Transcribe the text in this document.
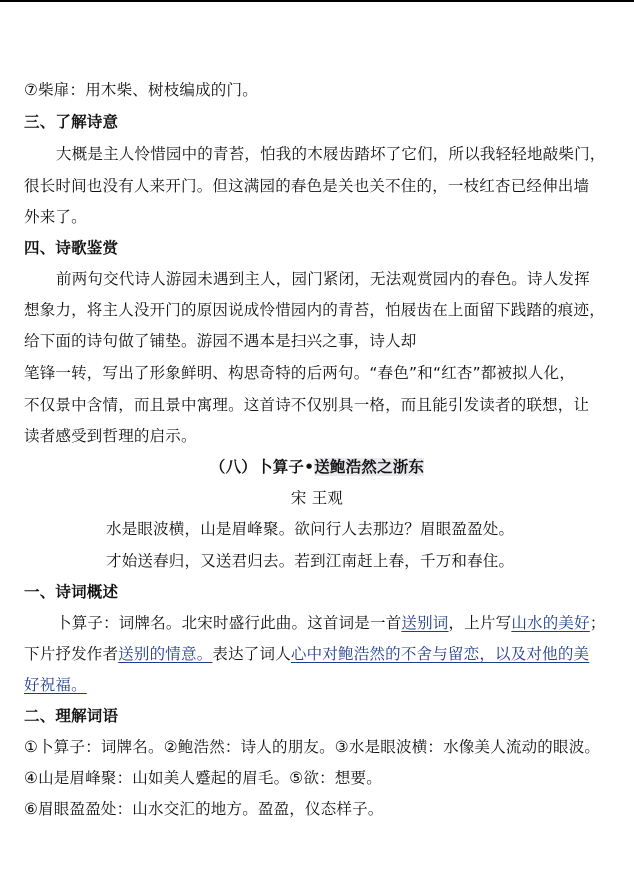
⑦柴扉：用木柴、树枝编成的门。
三、了解诗意
大概是主人怜惜园中的青苔，怕我的木屐齿踏坏了它们，所以我轻轻地敲柴门，
很长时间也没有人来开门。但这满园的春色是关也关不住的，一枝红杏已经伸出墙
外来了。
四、诗歌鉴赏
前两句交代诗人游园未遇到主人，园门紧闭，无法观赏园内的春色。诗人发挥
想象力，将主人没开门的原因说成怜惜园内的青苔，怕屐齿在上面留下践踏的痕迹，
给下面的诗句做了铺垫。游园不遇本是扫兴之事，诗人却
笔锋一转，写出了形象鲜明、构思奇特的后两句。“春色”和“红杏”都被拟人化，
不仅景中含情，而且景中寓理。这首诗不仅别具一格，而且能引发读者的联想，让
读者感受到哲理的启示。
（八）卜算子•送鲍浩然之浙东
宋 王观
水是眼波横，山是眉峰聚。欲问行人去那边？眉眼盈盈处。
才始送春归，又送君归去。若到江南赶上春，千万和春住。
一、诗词概述
卜算子：词牌名。北宋时盛行此曲。这首词是一首送别词，上片写山水的美好；
下片抒发作者送别的情意。表达了词人心中对鲍浩然的不舍与留恋，以及对他的美
好祝福。
二、理解词语
①卜算子：词牌名。②鲍浩然：诗人的朋友。③水是眼波横：水像美人流动的眼波。
④山是眉峰聚：山如美人蹙起的眉毛。⑤欲：想要。
⑥眉眼盈盈处：山水交汇的地方。盈盈，仪态样子。
